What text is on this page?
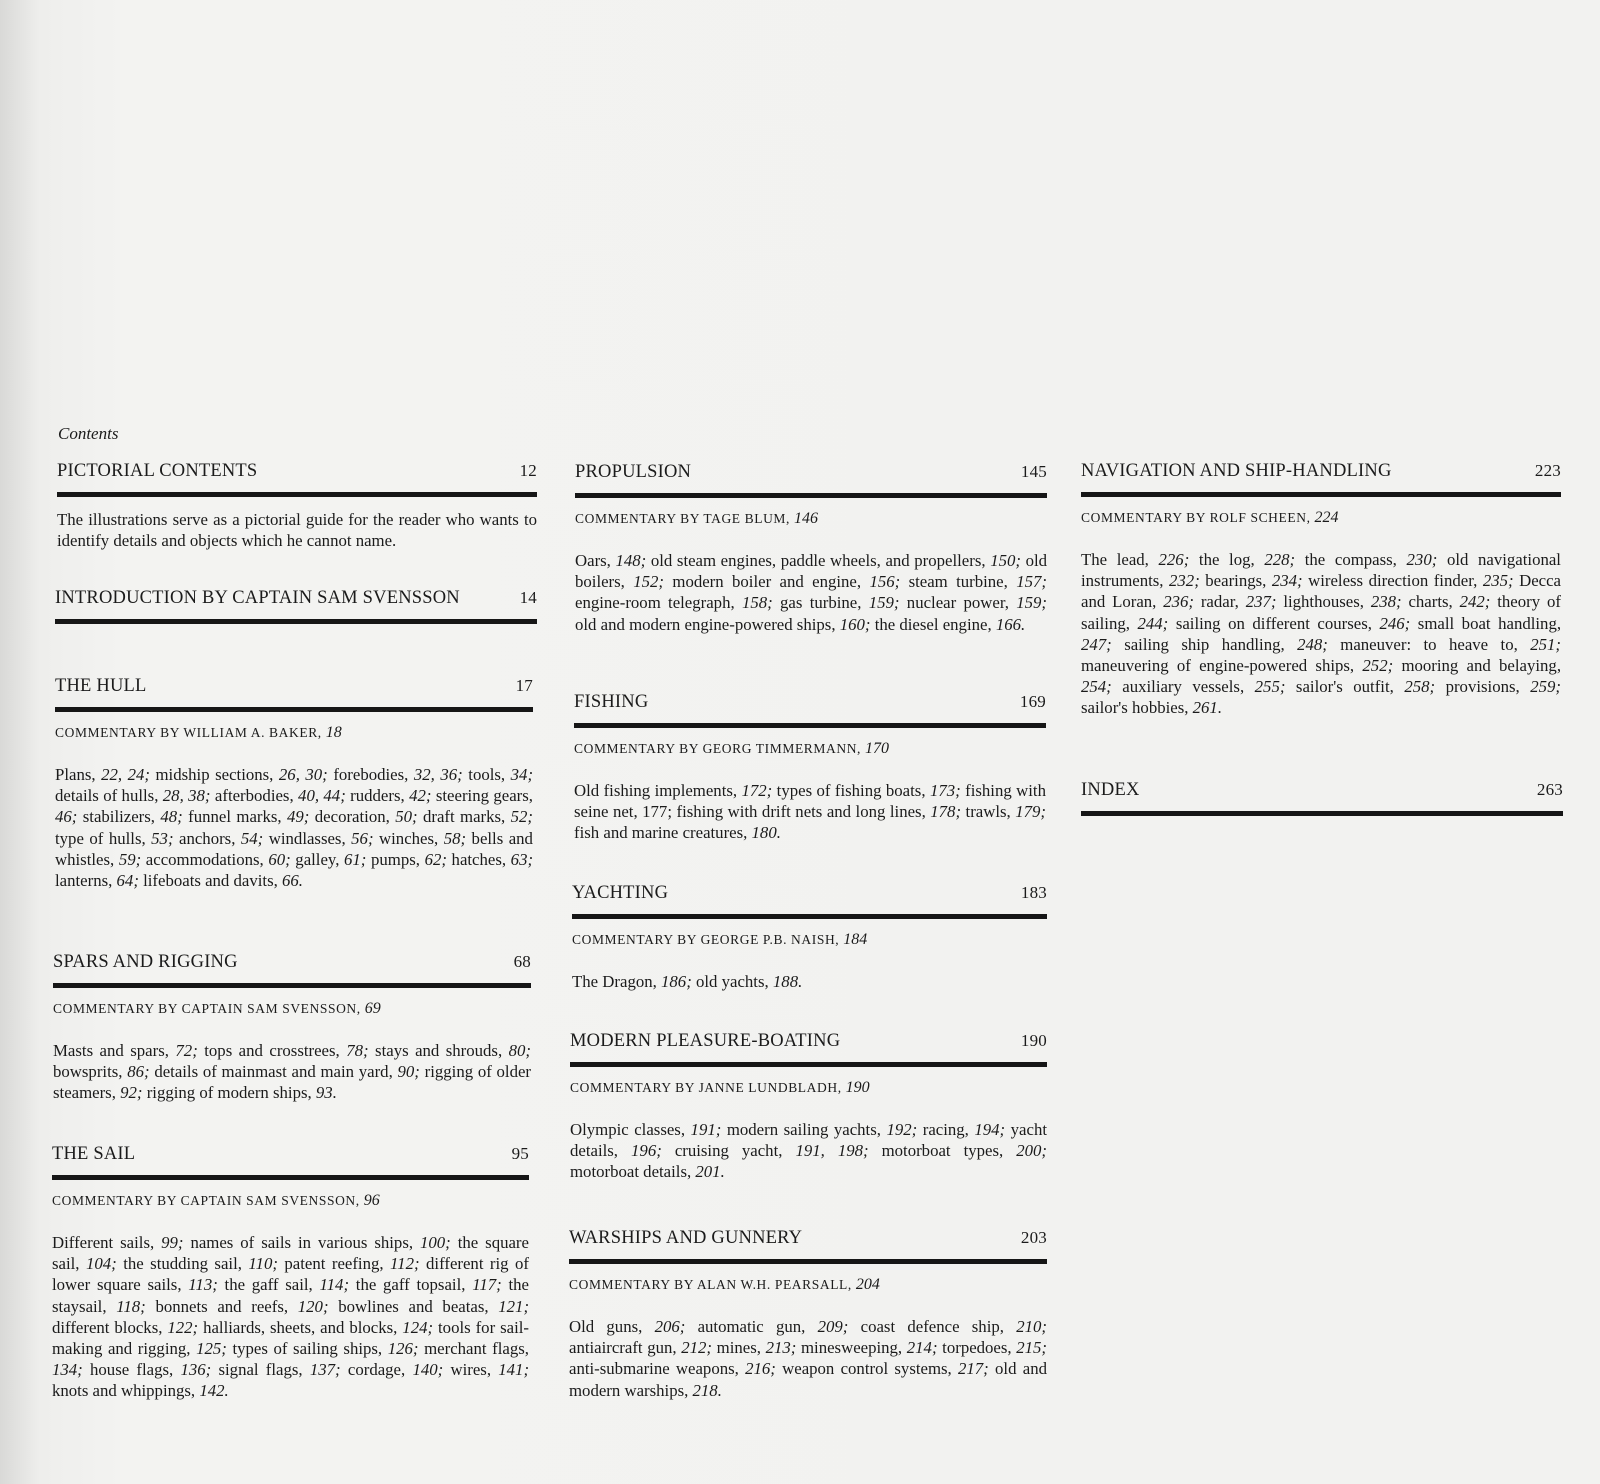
Contents
PICTORIAL CONTENTS	12
The illustrations serve as a pictorial guide for the reader who wants to identify details and objects which he cannot name.
INTRODUCTION BY CAPTAIN SAM SVENSSON	14
THE HULL	17
COMMENTARY BY WILLIAM A. BAKER, 18
Plans, 22, 24; midship sections, 26, 30; forebodies, 32, 36; tools, 34; details of hulls, 28, 38; afterbodies, 40, 44; rudders, 42; steering gears, 46; stabilizers, 48; funnel marks, 49; decoration, 50; draft marks, 52; type of hulls, 53; anchors, 54; windlasses, 56; winches, 58; bells and whistles, 59; accommodations, 60; galley, 61; pumps, 62; hatches, 63; lanterns, 64; lifeboats and davits, 66.
SPARS AND RIGGING	68
COMMENTARY BY CAPTAIN SAM SVENSSON, 69
Masts and spars, 72; tops and crosstrees, 78; stays and shrouds, 80; bowsprits, 86; details of mainmast and main yard, 90; rigging of older steamers, 92; rigging of modern ships, 93.
THE SAIL	95
COMMENTARY BY CAPTAIN SAM SVENSSON, 96
Different sails, 99; names of sails in various ships, 100; the square sail, 104; the studding sail, 110; patent reefing, 112; different rig of lower square sails, 113; the gaff sail, 114; the gaff topsail, 117; the staysail, 118; bonnets and reefs, 120; bowlines and beatas, 121; different blocks, 122; halliards, sheets, and blocks, 124; tools for sail-making and rigging, 125; types of sailing ships, 126; merchant flags, 134; house flags, 136; signal flags, 137; cordage, 140; wires, 141; knots and whippings, 142.
PROPULSION	145
COMMENTARY BY TAGE BLUM, 146
Oars, 148; old steam engines, paddle wheels, and propellers, 150; old boilers, 152; modern boiler and engine, 156; steam turbine, 157; engine-room telegraph, 158; gas turbine, 159; nuclear power, 159; old and modern engine-powered ships, 160; the diesel engine, 166.
FISHING	169
COMMENTARY BY GEORG TIMMERMANN, 170
Old fishing implements, 172; types of fishing boats, 173; fishing with seine net, 177; fishing with drift nets and long lines, 178; trawls, 179; fish and marine creatures, 180.
YACHTING	183
COMMENTARY BY GEORGE P.B. NAISH, 184
The Dragon, 186; old yachts, 188.
MODERN PLEASURE-BOATING	190
COMMENTARY BY JANNE LUNDBLADH, 190
Olympic classes, 191; modern sailing yachts, 192; racing, 194; yacht details, 196; cruising yacht, 191, 198; motorboat types, 200; motorboat details, 201.
WARSHIPS AND GUNNERY	203
COMMENTARY BY ALAN W.H. PEARSALL, 204
Old guns, 206; automatic gun, 209; coast defence ship, 210; antiaircraft gun, 212; mines, 213; minesweeping, 214; torpedoes, 215; anti-submarine weapons, 216; weapon control systems, 217; old and modern warships, 218.
NAVIGATION AND SHIP-HANDLING	223
COMMENTARY BY ROLF SCHEEN, 224
The lead, 226; the log, 228; the compass, 230; old navigational instruments, 232; bearings, 234; wireless direction finder, 235; Decca and Loran, 236; radar, 237; lighthouses, 238; charts, 242; theory of sailing, 244; sailing on different courses, 246; small boat handling, 247; sailing ship handling, 248; maneuver: to heave to, 251; maneuvering of engine-powered ships, 252; mooring and belaying, 254; auxiliary vessels, 255; sailor's outfit, 258; provisions, 259; sailor's hobbies, 261.
INDEX	263
